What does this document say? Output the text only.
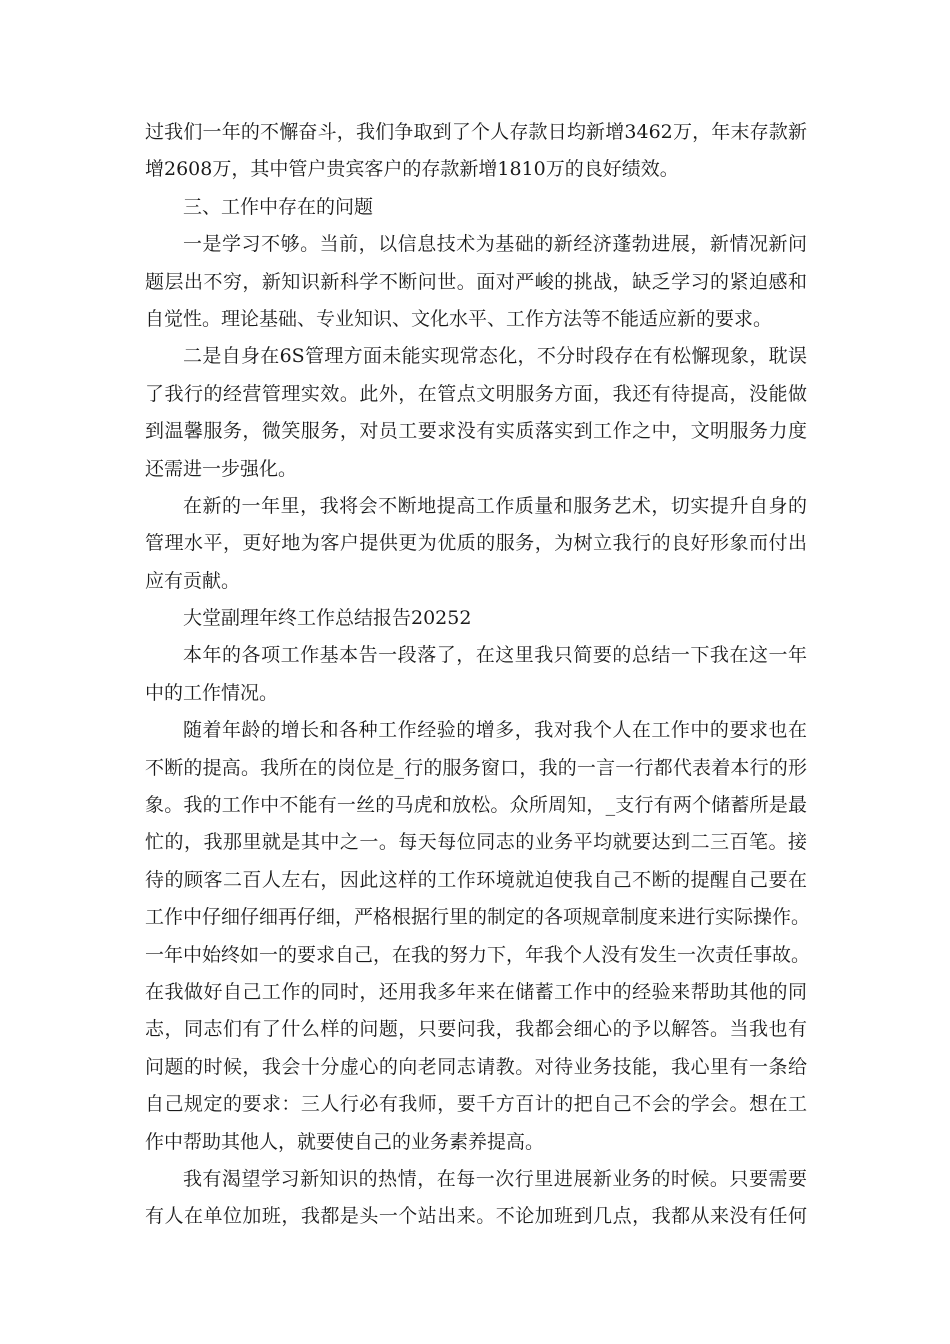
过我们一年的不懈奋斗，我们争取到了个人存款日均新增3462万，年末存款新
增2608万，其中管户贵宾客户的存款新增1810万的良好绩效。
三、工作中存在的问题
一是学习不够。当前，以信息技术为基础的新经济蓬勃进展，新情况新问
题层出不穷，新知识新科学不断问世。面对严峻的挑战，缺乏学习的紧迫感和
自觉性。理论基础、专业知识、文化水平、工作方法等不能适应新的要求。
二是自身在6S管理方面未能实现常态化，不分时段存在有松懈现象，耽误
了我行的经营管理实效。此外，在管点文明服务方面，我还有待提高，没能做
到温馨服务，微笑服务，对员工要求没有实质落实到工作之中，文明服务力度
还需进一步强化。
在新的一年里，我将会不断地提高工作质量和服务艺术，切实提升自身的
管理水平，更好地为客户提供更为优质的服务，为树立我行的良好形象而付出
应有贡献。
大堂副理年终工作总结报告20252
本年的各项工作基本告一段落了，在这里我只简要的总结一下我在这一年
中的工作情况。
随着年龄的增长和各种工作经验的增多，我对我个人在工作中的要求也在
不断的提高。我所在的岗位是_行的服务窗口，我的一言一行都代表着本行的形
象。我的工作中不能有一丝的马虎和放松。众所周知，_支行有两个储蓄所是最
忙的，我那里就是其中之一。每天每位同志的业务平均就要达到二三百笔。接
待的顾客二百人左右，因此这样的工作环境就迫使我自己不断的提醒自己要在
工作中仔细仔细再仔细，严格根据行里的制定的各项规章制度来进行实际操作。
一年中始终如一的要求自己，在我的努力下，年我个人没有发生一次责任事故。
在我做好自己工作的同时，还用我多年来在储蓄工作中的经验来帮助其他的同
志，同志们有了什么样的问题，只要问我，我都会细心的予以解答。当我也有
问题的时候，我会十分虚心的向老同志请教。对待业务技能，我心里有一条给
自己规定的要求：三人行必有我师，要千方百计的把自己不会的学会。想在工
作中帮助其他人，就要使自己的业务素养提高。
我有渴望学习新知识的热情，在每一次行里进展新业务的时候。只要需要
有人在单位加班，我都是头一个站出来。不论加班到几点，我都从来没有任何
